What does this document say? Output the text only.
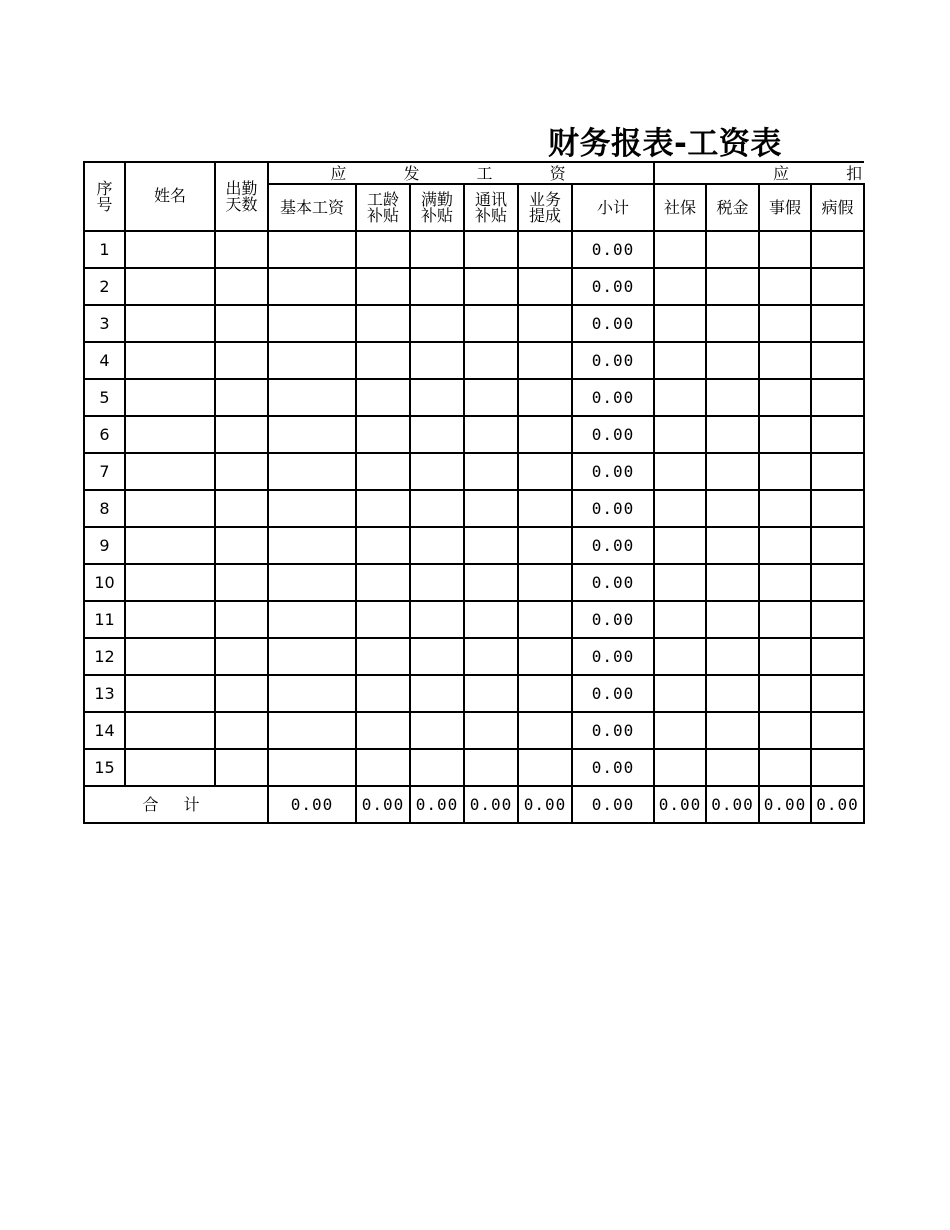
财务报表-工资表
序号	姓名	出勤天数	应 发 工 资						应 扣			
			基本工资	工龄补贴	满勤补贴	通讯补贴	业务提成	小计	社保	税金	事假	病假
1								0.00				
2								0.00				
3								0.00				
4								0.00				
5								0.00				
6								0.00				
7								0.00				
8								0.00				
9								0.00				
10								0.00				
11								0.00				
12								0.00				
13								0.00				
14								0.00				
15								0.00				
合 计			0.00	0.00	0.00	0.00	0.00	0.00	0.00	0.00	0.00	0.00
